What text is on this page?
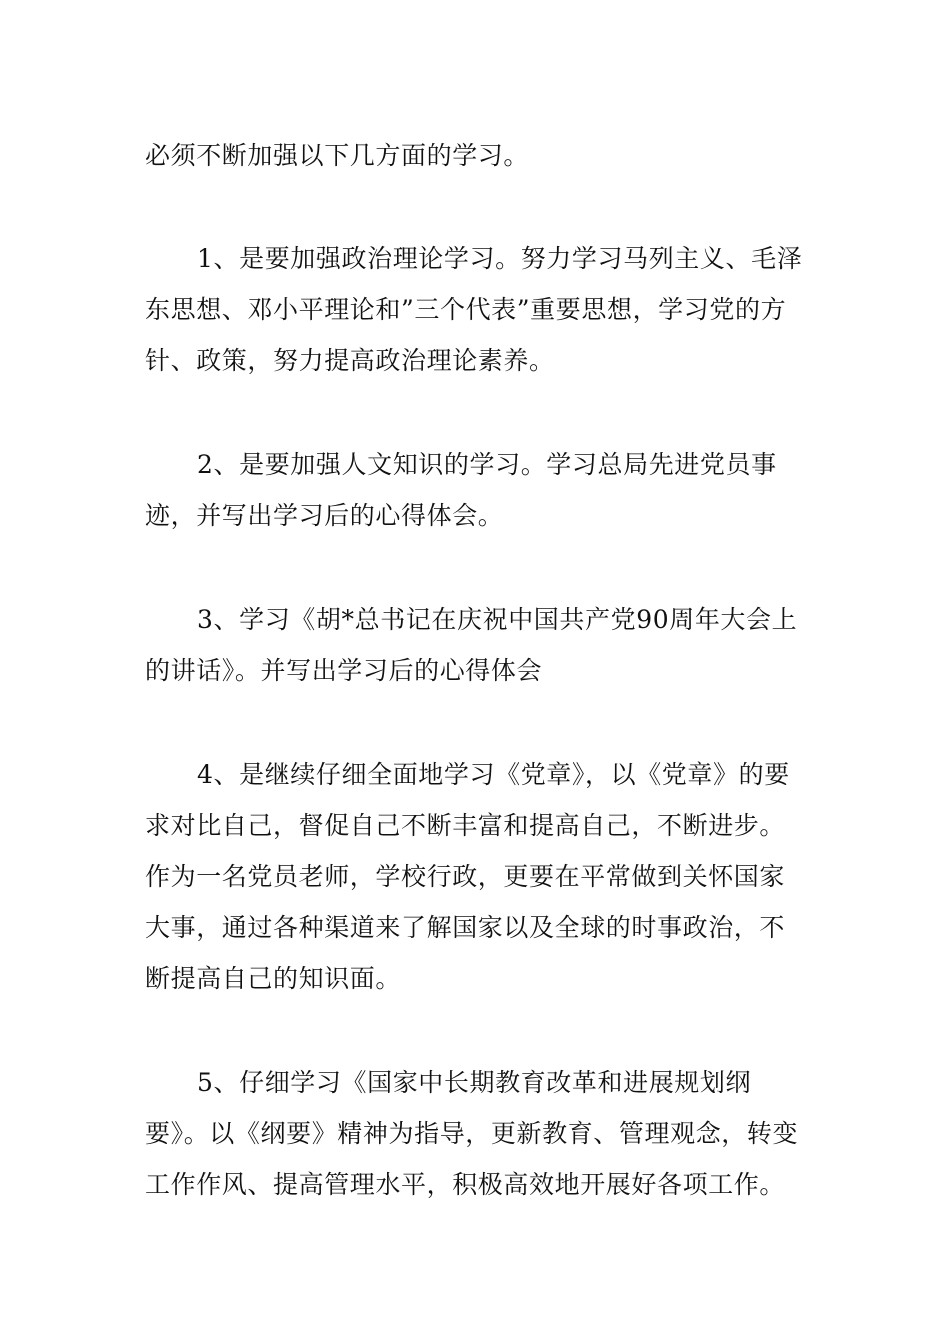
必须不断加强以下几方面的学习。

1、是要加强政治理论学习。努力学习马列主义、毛泽东思想、邓小平理论和”三个代表”重要思想，学习党的方针、政策，努力提高政治理论素养。

2、是要加强人文知识的学习。学习总局先进党员事迹，并写出学习后的心得体会。

3、学习《胡*总书记在庆祝中国共产党90周年大会上的讲话》。并写出学习后的心得体会

4、是继续仔细全面地学习《党章》，以《党章》的要求对比自己，督促自己不断丰富和提高自己，不断进步。作为一名党员老师，学校行政，更要在平常做到关怀国家大事，通过各种渠道来了解国家以及全球的时事政治，不断提高自己的知识面。

5、仔细学习《国家中长期教育改革和进展规划纲要》。以《纲要》精神为指导，更新教育、管理观念，转变工作作风、提高管理水平，积极高效地开展好各项工作。
